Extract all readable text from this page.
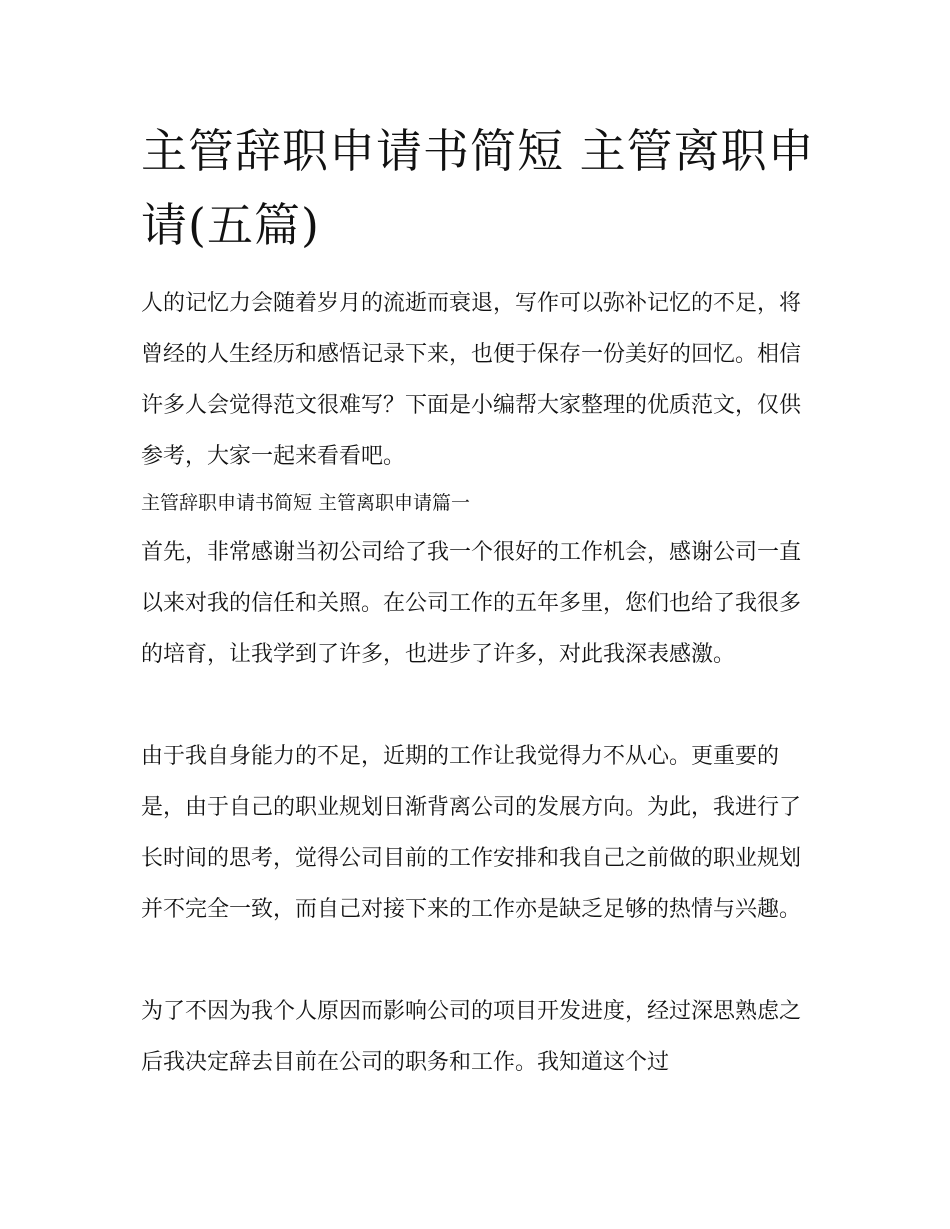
主管辞职申请书简短 主管离职申请(五篇)

人的记忆力会随着岁月的流逝而衰退，写作可以弥补记忆的不足，将曾经的人生经历和感悟记录下来，也便于保存一份美好的回忆。相信许多人会觉得范文很难写？下面是小编帮大家整理的优质范文，仅供参考，大家一起来看看吧。

主管辞职申请书简短 主管离职申请篇一

首先，非常感谢当初公司给了我一个很好的工作机会，感谢公司一直以来对我的信任和关照。在公司工作的五年多里，您们也给了我很多的培育，让我学到了许多，也进步了许多，对此我深表感激。

由于我自身能力的不足，近期的工作让我觉得力不从心。更重要的是，由于自己的职业规划日渐背离公司的发展方向。为此，我进行了长时间的思考，觉得公司目前的工作安排和我自己之前做的职业规划并不完全一致，而自己对接下来的工作亦是缺乏足够的热情与兴趣。

为了不因为我个人原因而影响公司的项目开发进度，经过深思熟虑之后我决定辞去目前在公司的职务和工作。我知道这个过
